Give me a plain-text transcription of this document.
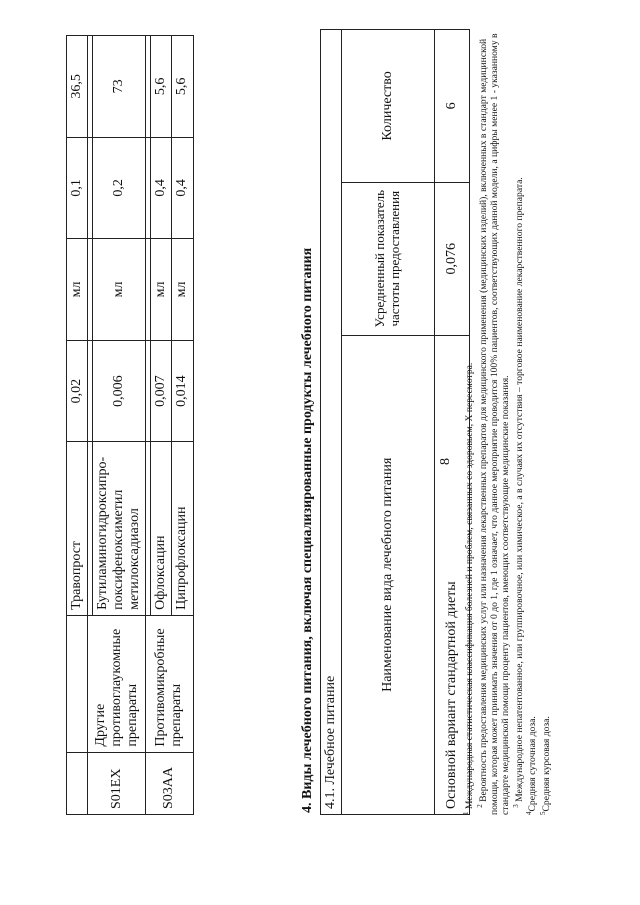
8
		Травопрост	0,02	мл	0,1	36,5
S01EX	Другие противоглаукомные препараты					
		Бутиламиногидроксипро-поксифеноксиметил метилоксадиазол	0,006	мл	0,2	73
S03AA	Противомикробные препараты					
		Офлоксацин	0,007	мл	0,4	5,6
		Ципрофлоксацин	0,014	мл	0,4	5,6
4. Виды лечебного питания, включая специализированные продукты лечебного питания 4.1. Лечебное питание		
Наименование вида лечебного питания	Усредненный показатель частоты предоставления	Количество
Основной вариант стандартной диеты	0,076	6

$^1$ Международная статистическая классификация болезней и проблем, связанных со здоровьем, X пересмотра. $^2$ Вероятность предоставления медицинских услуг или назначения лекарственных препаратов для медицинского применения (медицинских изделий), включенных в стандарт медицинской помощи, которая может принимать значения от 0 до 1, где 1 означает, что данное мероприятие проводится 100% пациентов, соответствующих данной модели, а цифры менее 1 - указанному в стандарте медицинской помощи проценту пациентов, имеющих соответствующие медицинские показания. $^3$ Международное непатентованное, или группировочное, или химическое, а в случаях их отсутствия – торговое наименование лекарственного препарата.

$^4$Средняя суточная доза.

$^5$Средняя курсовая доза.
